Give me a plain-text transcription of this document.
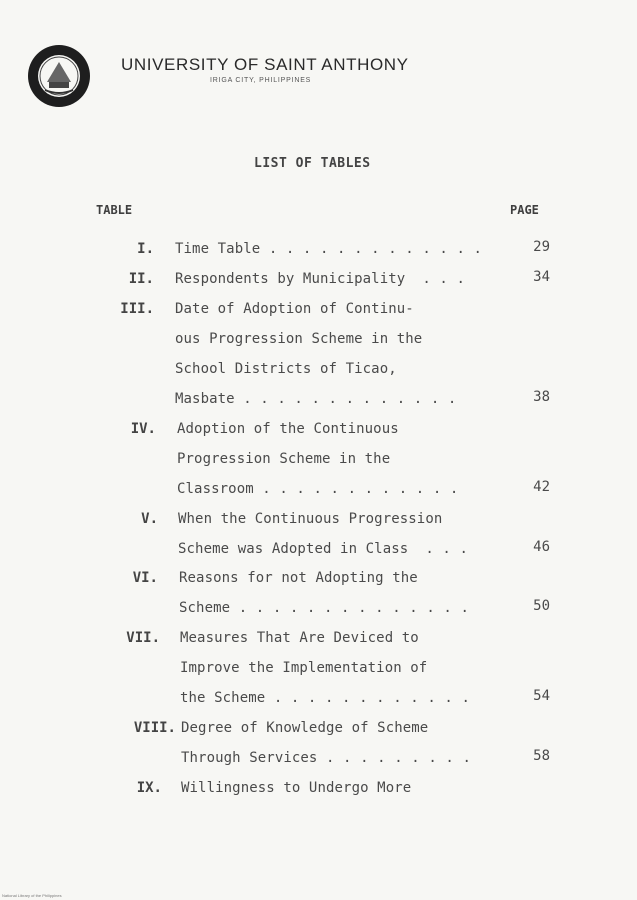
UNIVERSITY OF SAINT ANTHONY
IRIGA CITY, PHILIPPINES
LIST OF TABLES
TABLE	PAGE
I. Time Table . . . . . . . . . . . . .	29
II. Respondents by Municipality  . . .	34
III. Date of Adoption of Continu-
ous Progression Scheme in the
School Districts of Ticao,
Masbate . . . . . . . . . . . . .	38
IV. Adoption of the Continuous
Progression Scheme in the
Classroom . . . . . . . . . . . .	42
V. When the Continuous Progression
Scheme was Adopted in Class  . . .	46
VI. Reasons for not Adopting the
Scheme . . . . . . . . . . . . . .	50
VII. Measures That Are Deviced to
Improve the Implementation of
the Scheme . . . . . . . . . . . .	54
VIII. Degree of Knowledge of Scheme
Through Services . . . . . . . . .	58
IX. Willingness to Undergo More
National Library of the Philippines
